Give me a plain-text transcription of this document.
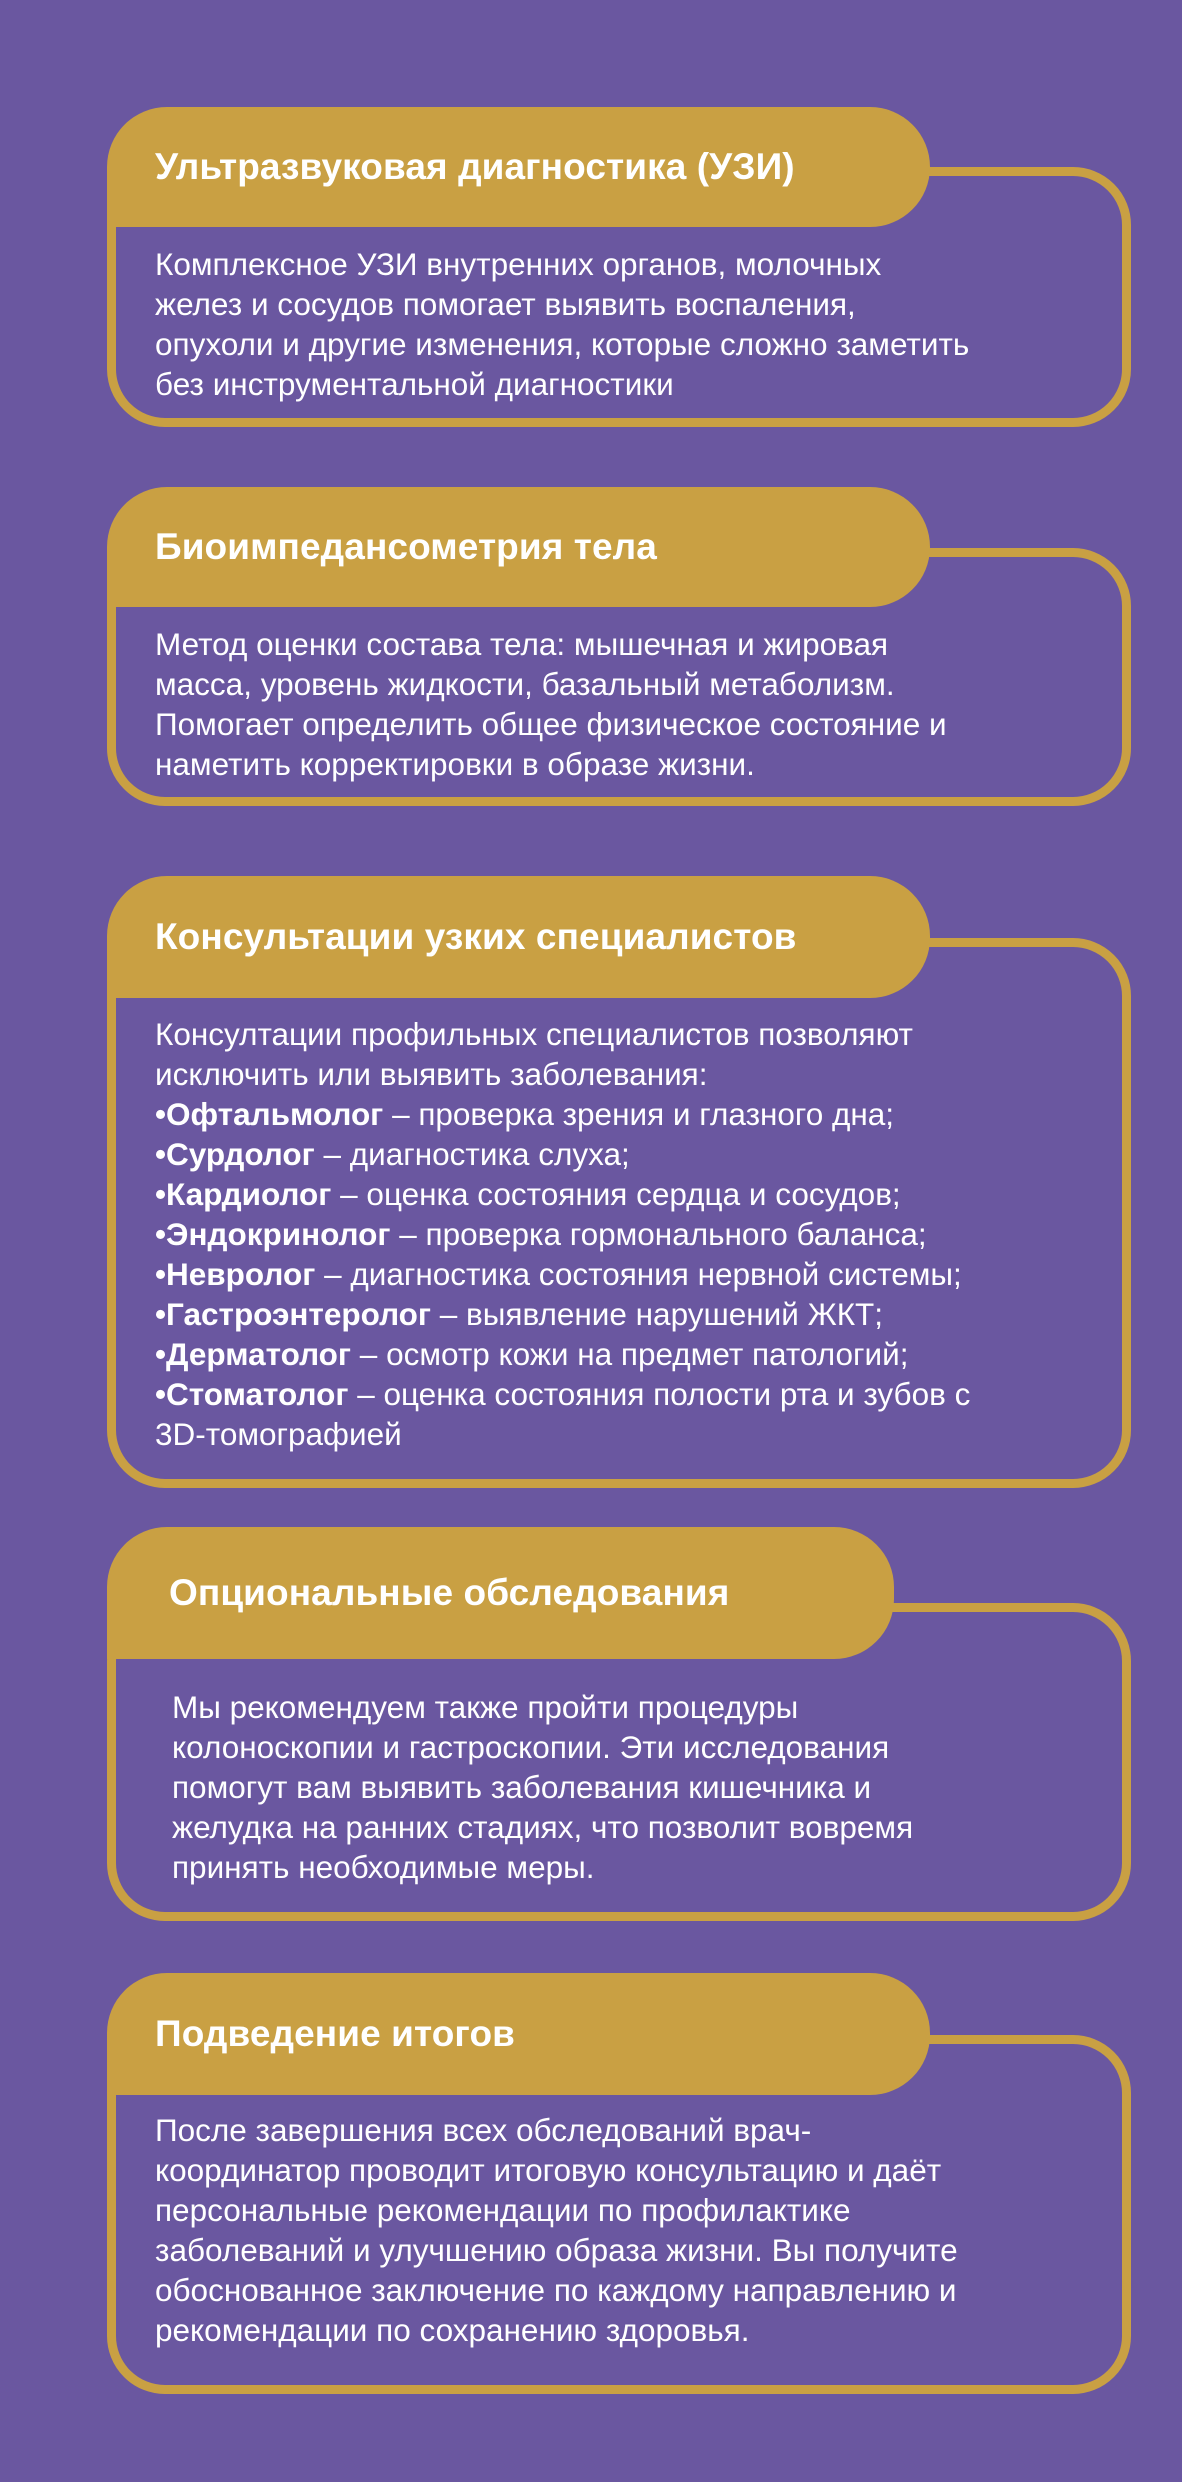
Ультразвуковая диагностика (УЗИ)

Комплексное УЗИ внутренних органов, молочных

желез и сосудов помогает выявить воспаления,

опухоли и другие изменения, которые сложно заметить

без инструментальной диагностики

Биоимпедансометрия тела

Метод оценки состава тела: мышечная и жировая

масса, уровень жидкости, базальный метаболизм.

Помогает определить общее физическое состояние и

наметить корректировки в образе жизни.

Консультации узких специалистов

Консултации профильных специалистов позволяют

исключить или выявить заболевания:

•Офтальмолог – проверка зрения и глазного дна;
•Сурдолог – диагностика слуха;
•Кардиолог – оценка состояния сердца и сосудов;
•Эндокринолог – проверка гормонального баланса;
•Невролог – диагностика состояния нервной системы;
•Гастроэнтеролог – выявление нарушений ЖКТ;
•Дерматолог – осмотр кожи на предмет патологий;
•Стоматолог – оценка состояния полости рта и зубов с

3D-томографией

Опциональные обследования

Мы рекомендуем также пройти процедуры

колоноскопии и гастроскопии. Эти исследования

помогут вам выявить заболевания кишечника и

желудка на ранних стадиях, что позволит вовремя

принять необходимые меры.

Подведение итогов

После завершения всех обследований врач-

координатор проводит итоговую консультацию и даёт

персональные рекомендации по профилактике

заболеваний и улучшению образа жизни. Вы получите

обоснованное заключение по каждому направлению и

рекомендации по сохранению здоровья.
